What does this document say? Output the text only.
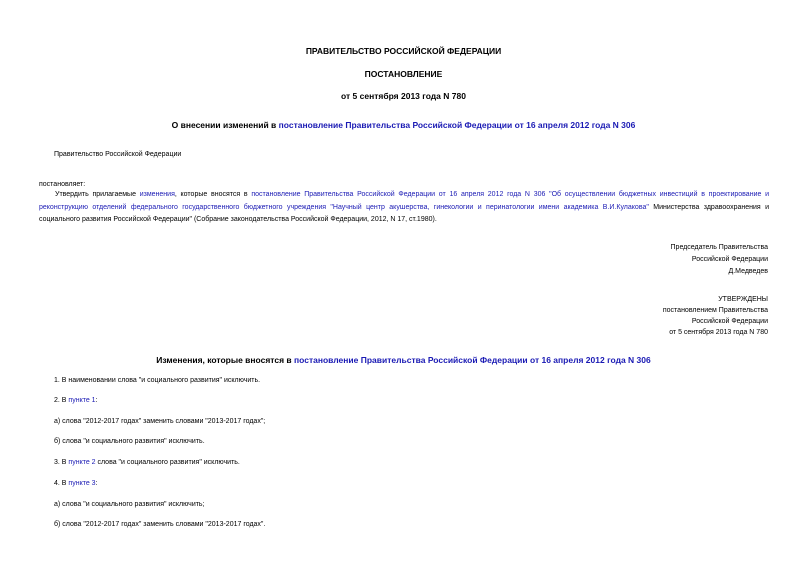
ПРАВИТЕЛЬСТВО РОССИЙСКОЙ ФЕДЕРАЦИИ
ПОСТАНОВЛЕНИЕ
от 5 сентября 2013 года N 780
О внесении изменений в постановление Правительства Российской Федерации от 16 апреля 2012 года N 306
Правительство Российской Федерации
постановляет:
Утвердить прилагаемые изменения, которые вносятся в постановление Правительства Российской Федерации от 16 апреля 2012 года N 306 "Об осуществлении бюджетных инвестиций в проектирование и реконструкцию отделений федерального государственного бюджетного учреждения "Научный центр акушерства, гинекологии и перинатологии имени академика В.И.Кулакова" Министерства здравоохранения и социального развития Российской Федерации" (Собрание законодательства Российской Федерации, 2012, N 17, ст.1980).
Председатель Правительства
Российской Федерации
Д.Медведев
УТВЕРЖДЕНЫ
постановлением Правительства
Российской Федерации
от 5 сентября 2013 года N 780
Изменения, которые вносятся в постановление Правительства Российской Федерации от 16 апреля 2012 года N 306
1. В наименовании слова "и социального развития" исключить.
2. В пункте 1:
а) слова "2012-2017 годах" заменить словами "2013-2017 годах";
б) слова "и социального развития" исключить.
3. В пункте 2 слова "и социального развития" исключить.
4. В пункте 3:
а) слова "и социального развития" исключить;
б) слова "2012-2017 годах" заменить словами "2013-2017 годах".
